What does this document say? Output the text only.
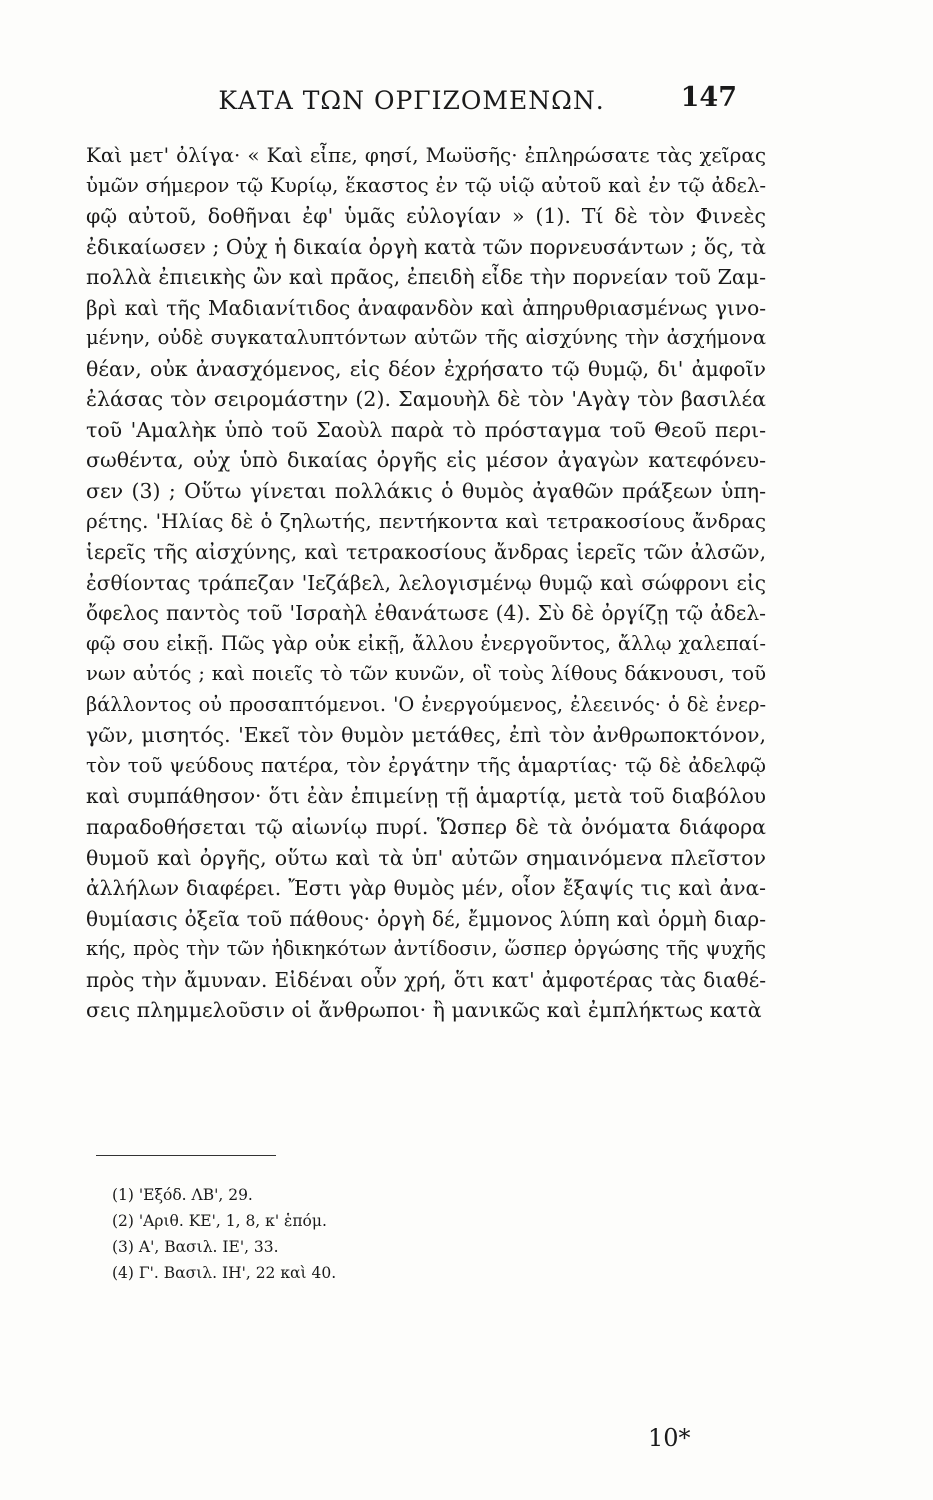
ΚΑΤΑ ΤΩΝ ΟΡΓΙΖΟΜΕΝΩΝ.	147
Καὶ μετ' ὀλίγα· « Καὶ εἶπε, φησί, Μωϋσῆς· ἐπληρώσατε τὰς χεῖρας
ὑμῶν σήμερον τῷ Κυρίῳ, ἕκαστος ἐν τῷ υἱῷ αὐτοῦ καὶ ἐν τῷ ἀδελ-
φῷ αὐτοῦ, δοθῆναι ἐφ' ὑμᾶς εὐλογίαν » (1). Τί δὲ τὸν Φινεὲς
ἐδικαίωσεν ; Οὐχ ἡ δικαία ὀργὴ κατὰ τῶν πορνευσάντων ; ὅς, τὰ
πολλὰ ἐπιεικὴς ὢν καὶ πρᾶος, ἐπειδὴ εἶδε τὴν πορνείαν τοῦ Ζαμ-
βρὶ καὶ τῆς Μαδιανίτιδος ἀναφανδὸν καὶ ἀπηρυθριασμένως γινο-
μένην, οὐδὲ συγκαταλυπτόντων αὐτῶν τῆς αἰσχύνης τὴν ἀσχήμονα
θέαν, οὐκ ἀνασχόμενος, εἰς δέον ἐχρήσατο τῷ θυμῷ, δι' ἀμφοῖν
ἐλάσας τὸν σειρομάστην (2). Σαμουὴλ δὲ τὸν 'Αγὰγ τὸν βασιλέα
τοῦ 'Αμαλὴκ ὑπὸ τοῦ Σαοὺλ παρὰ τὸ πρόσταγμα τοῦ Θεοῦ περι-
σωθέντα, οὐχ ὑπὸ δικαίας ὀργῆς εἰς μέσον ἀγαγὼν κατεφόνευ-
σεν (3) ; Οὕτω γίνεται πολλάκις ὁ θυμὸς ἀγαθῶν πράξεων ὑπη-
ρέτης. 'Ηλίας δὲ ὁ ζηλωτής, πεντήκοντα καὶ τετρακοσίους ἄνδρας
ἱερεῖς τῆς αἰσχύνης, καὶ τετρακοσίους ἄνδρας ἱερεῖς τῶν ἀλσῶν,
ἐσθίοντας τράπεζαν 'Ιεζάβελ, λελογισμένῳ θυμῷ καὶ σώφρονι εἰς
ὄφελος παντὸς τοῦ 'Ισραὴλ ἐθανάτωσε (4). Σὺ δὲ ὀργίζῃ τῷ ἀδελ-
φῷ σου εἰκῇ. Πῶς γὰρ οὐκ εἰκῇ, ἄλλου ἐνεργοῦντος, ἄλλῳ χαλεπαί-
νων αὐτός ; καὶ ποιεῖς τὸ τῶν κυνῶν, οἳ τοὺς λίθους δάκνουσι, τοῦ
βάλλοντος οὐ προσαπτόμενοι. 'Ο ἐνεργούμενος, ἐλεεινός· ὁ δὲ ἐνερ-
γῶν, μισητός. 'Εκεῖ τὸν θυμὸν μετάθες, ἐπὶ τὸν ἀνθρωποκτόνον,
τὸν τοῦ ψεύδους πατέρα, τὸν ἐργάτην τῆς ἁμαρτίας· τῷ δὲ ἀδελφῷ
καὶ συμπάθησον· ὅτι ἐὰν ἐπιμείνῃ τῇ ἁμαρτίᾳ, μετὰ τοῦ διαβόλου
παραδοθήσεται τῷ αἰωνίῳ πυρί. Ὥσπερ δὲ τὰ ὀνόματα διάφορα
θυμοῦ καὶ ὀργῆς, οὕτω καὶ τὰ ὑπ' αὐτῶν σημαινόμενα πλεῖστον
ἀλλήλων διαφέρει. Ἔστι γὰρ θυμὸς μέν, οἷον ἔξαψίς τις καὶ ἀνα-
θυμίασις ὀξεῖα τοῦ πάθους· ὀργὴ δέ, ἔμμονος λύπη καὶ ὁρμὴ διαρ-
κής, πρὸς τὴν τῶν ἠδικηκότων ἀντίδοσιν, ὥσπερ ὀργώσης τῆς ψυχῆς
πρὸς τὴν ἄμυναν. Εἰδέναι οὖν χρή, ὅτι κατ' ἀμφοτέρας τὰς διαθέ-
σεις πλημμελοῦσιν οἱ ἄνθρωποι· ἢ μανικῶς καὶ ἐμπλήκτως κατὰ
(1) 'Εξόδ. ΛΒ', 29.
(2) 'Αριθ. ΚΕ', 1, 8, κ' ἑπόμ.
(3) Α', Βασιλ. ΙΕ', 33.
(4) Γ'. Βασιλ. ΙΗ', 22 καὶ 40.
10*
